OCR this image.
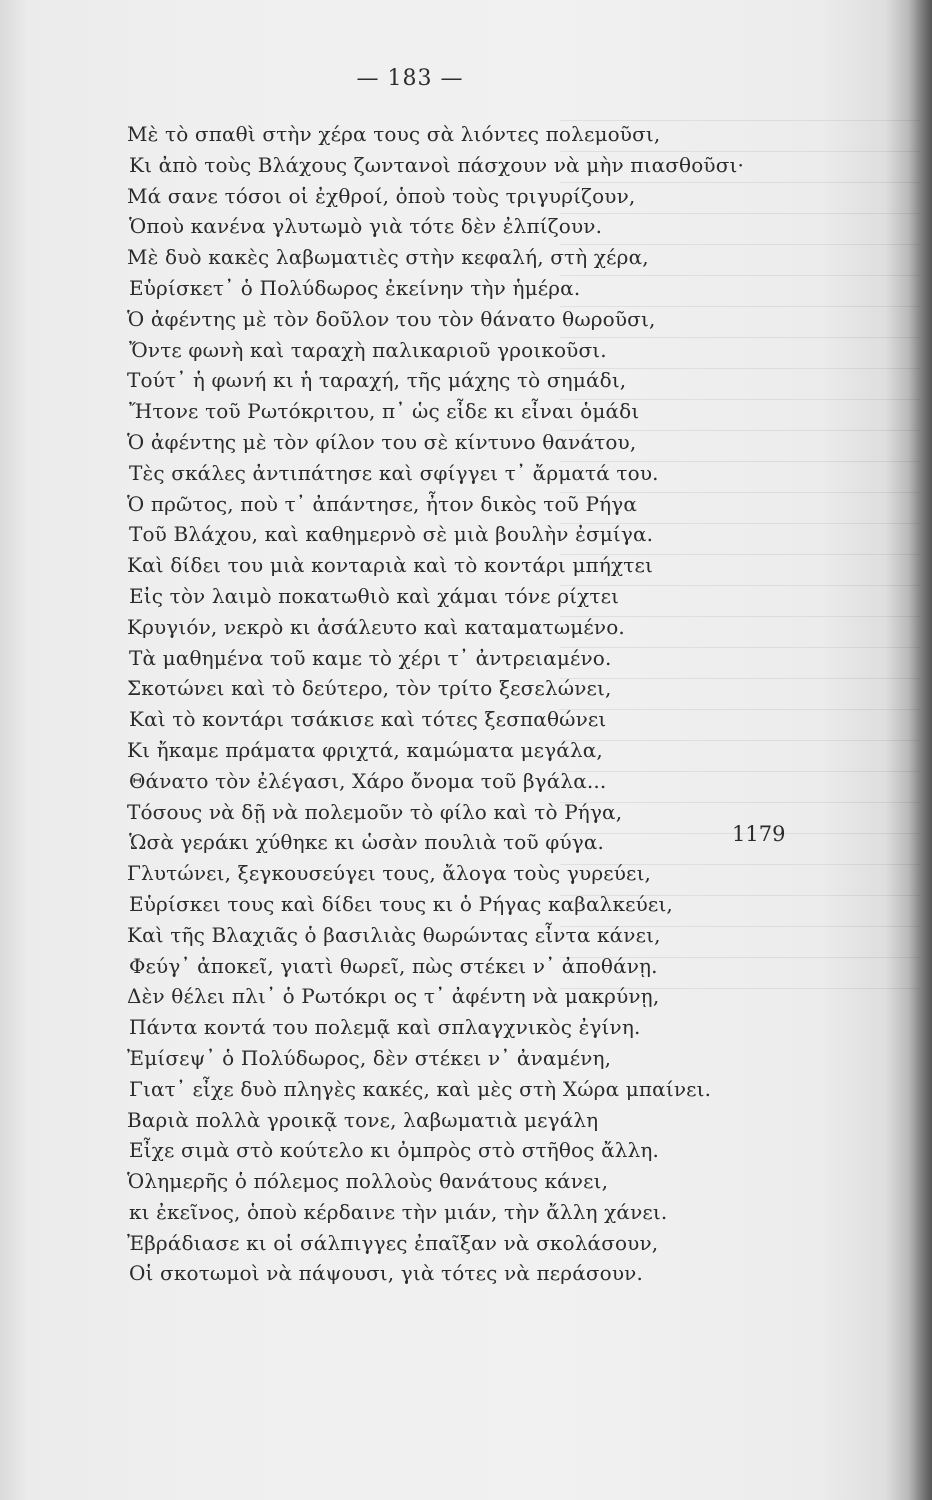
— 183 —
Μὲ τὸ σπαθὶ στὴν χέρα τους σὰ λιόντες πολεμοῦσι,
Κι ἀπὸ τοὺς Βλάχους ζωντανοὶ πάσχουν νὰ μὴν πιασθοῦσι·
Μά σανε τόσοι οἱ ἐχθροί, ὁποὺ τοὺς τριγυρίζουν,
Ὁποὺ κανένα γλυτωμὸ γιὰ τότε δὲν ἐλπίζουν.
Μὲ δυὸ κακὲς λαβωματιὲς στὴν κεφαλή, στὴ χέρα,
Εὑρίσκετ᾽ ὁ Πολύδωρος ἐκείνην τὴν ἡμέρα.
Ὁ ἀφέντης μὲ τὸν δοῦλον του τὸν θάνατο θωροῦσι,
Ὄντε φωνὴ καὶ ταραχὴ παλικαριοῦ γροικοῦσι.
Τούτ᾽ ἡ φωνή κι ἡ ταραχή, τῆς μάχης τὸ σημάδι,
Ἤτονε τοῦ Ρωτόκριτου, π᾽ ὡς εἶδε κι εἶναι ὁμάδι
Ὁ ἀφέντης μὲ τὸν φίλον του σὲ κίντυνο θανάτου,
Τὲς σκάλες ἀντιπάτησε καὶ σφίγγει τ᾽ ἄρματά του.
Ὁ πρῶτος, ποὺ τ᾽ ἀπάντησε, ἦτον δικὸς τοῦ Ρήγα
Τοῦ Βλάχου, καὶ καθημερνὸ σὲ μιὰ βουλὴν ἐσμίγα.
Καὶ δίδει του μιὰ κονταριὰ καὶ τὸ κοντάρι μπήχτει
Εἰς τὸν λαιμὸ ποκατωθιὸ καὶ χάμαι τόνε ρίχτει
Κρυγιόν, νεκρὸ κι ἀσάλευτο καὶ καταματωμένο.
Τὰ μαθημένα τοῦ καμε τὸ χέρι τ᾽ ἀντρειαμένο.
Σκοτώνει καὶ τὸ δεύτερο, τὸν τρίτο ξεσελώνει,
Καὶ τὸ κοντάρι τσάκισε καὶ τότες ξεσπαθώνει
Κι ἤκαμε πράματα φριχτά, καμώματα μεγάλα,
Θάνατο τὸν ἐλέγασι, Χάρο ὄνομα τοῦ βγάλα...
Τόσους νὰ δῇ νὰ πολεμοῦν τὸ φίλο καὶ τὸ Ρήγα,
Ὡσὰ γεράκι χύθηκε κι ὡσὰν πουλιὰ τοῦ φύγα.
Γλυτώνει, ξεγκουσεύγει τους, ἄλογα τοὺς γυρεύει,
Εὑρίσκει τους καὶ δίδει τους κι ὁ Ρήγας καβαλκεύει,
Καὶ τῆς Βλαχιᾶς ὁ βασιλιὰς θωρώντας εἶντα κάνει,
Φεύγ᾽ ἀποκεῖ, γιατὶ θωρεῖ, πὼς στέκει ν᾽ ἀποθάνῃ.
Δὲν θέλει πλι᾽ ὁ Ρωτόκρι ος τ᾽ ἀφέντη νὰ μακρύνῃ,
Πάντα κοντά του πολεμᾷ καὶ σπλαγχνικὸς ἐγίνη.
Ἐμίσεψ᾽ ὁ Πολύδωρος, δὲν στέκει ν᾽ ἀναμένη,
Γιατ᾽ εἶχε δυὸ πληγὲς κακές, καὶ μὲς στὴ Χώρα μπαίνει.
Βαριὰ πολλὰ γροικᾷ τονε, λαβωματιὰ μεγάλη
Εἶχε σιμὰ στὸ κούτελο κι ὀμπρὸς στὸ στῆθος ἄλλη.
Ὁλημερῆς ὁ πόλεμος πολλοὺς θανάτους κάνει,
κι ἐκεῖνος, ὁποὺ κέρδαινε τὴν μιάν, τὴν ἄλλη χάνει.
Ἐβράδιασε κι οἱ σάλπιγγες ἐπαῖξαν νὰ σκολάσουν,
Οἱ σκοτωμοὶ νὰ πάψουσι, γιὰ τότες νὰ περάσουν.
1179
